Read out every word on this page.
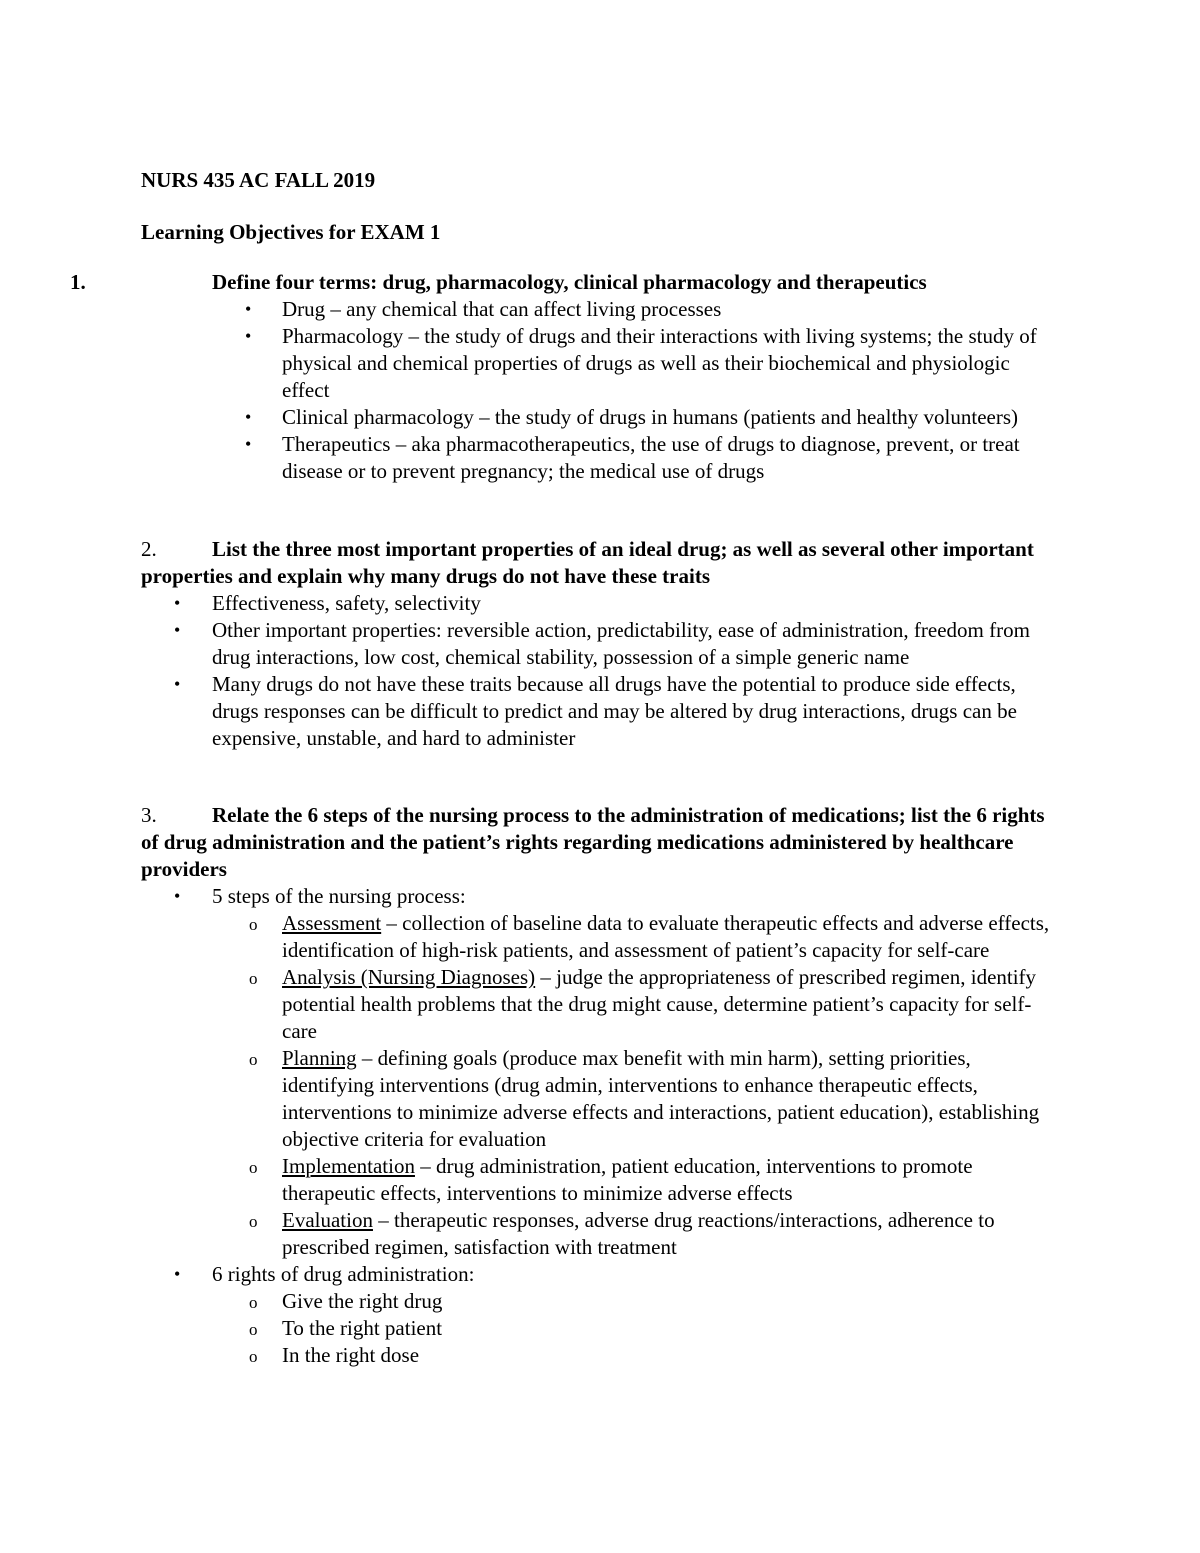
NURS 435 AC FALL 2019
Learning Objectives for EXAM 1
1.	Define four terms: drug, pharmacology, clinical pharmacology and therapeutics
• Drug – any chemical that can affect living processes
• Pharmacology – the study of drugs and their interactions with living systems; the study of physical and chemical properties of drugs as well as their biochemical and physiologic effect
• Clinical pharmacology – the study of drugs in humans (patients and healthy volunteers)
• Therapeutics – aka pharmacotherapeutics, the use of drugs to diagnose, prevent, or treat disease or to prevent pregnancy; the medical use of drugs
2.	List the three most important properties of an ideal drug; as well as several other important properties and explain why many drugs do not have these traits
• Effectiveness, safety, selectivity
• Other important properties: reversible action, predictability, ease of administration, freedom from drug interactions, low cost, chemical stability, possession of a simple generic name
• Many drugs do not have these traits because all drugs have the potential to produce side effects, drugs responses can be difficult to predict and may be altered by drug interactions, drugs can be expensive, unstable, and hard to administer
3.	Relate the 6 steps of the nursing process to the administration of medications; list the 6 rights of drug administration and the patient’s rights regarding medications administered by healthcare providers
• 5 steps of the nursing process:
o Assessment – collection of baseline data to evaluate therapeutic effects and adverse effects, identification of high-risk patients, and assessment of patient’s capacity for self-care
o Analysis (Nursing Diagnoses) – judge the appropriateness of prescribed regimen, identify potential health problems that the drug might cause, determine patient’s capacity for self-care
o Planning – defining goals (produce max benefit with min harm), setting priorities, identifying interventions (drug admin, interventions to enhance therapeutic effects, interventions to minimize adverse effects and interactions, patient education), establishing objective criteria for evaluation
o Implementation – drug administration, patient education, interventions to promote therapeutic effects, interventions to minimize adverse effects
o Evaluation – therapeutic responses, adverse drug reactions/interactions, adherence to prescribed regimen, satisfaction with treatment
• 6 rights of drug administration:
o Give the right drug
o To the right patient
o In the right dose
